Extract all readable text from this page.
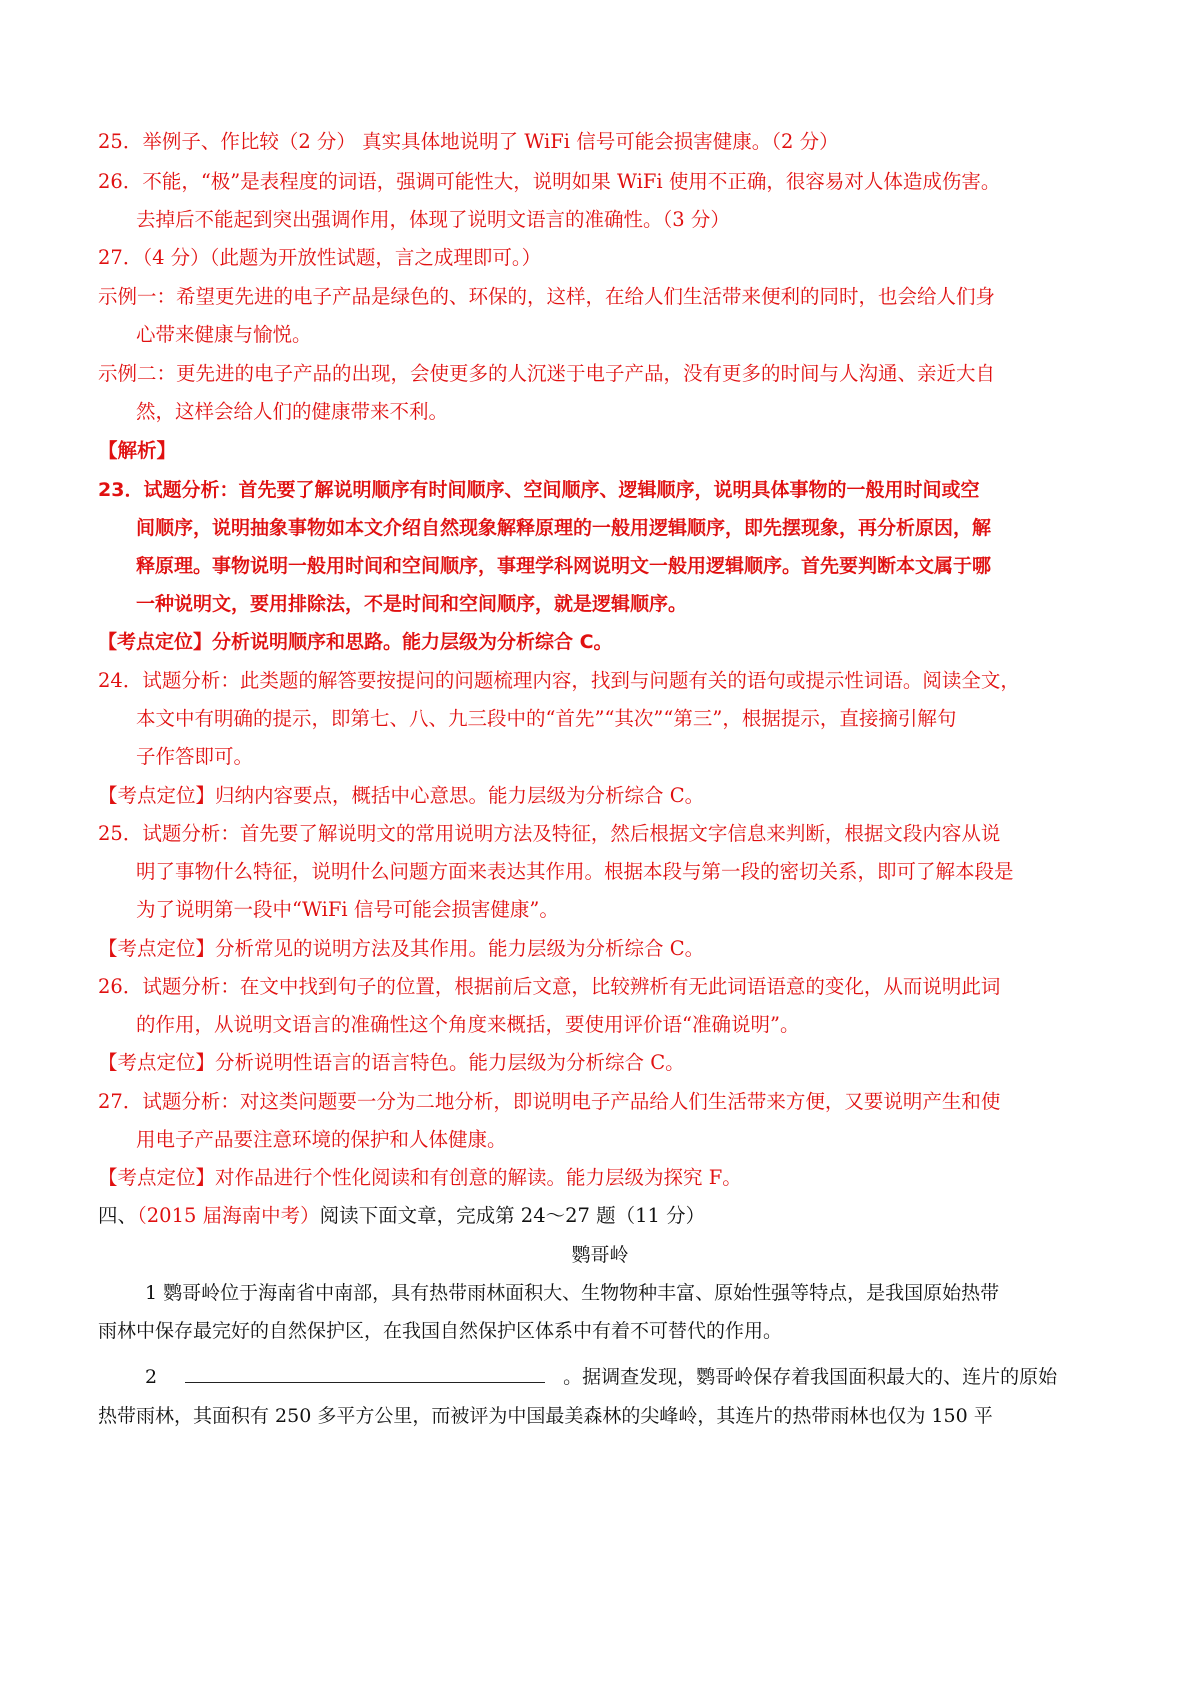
25．举例子、作比较（2 分） 真实具体地说明了 WiFi 信号可能会损害健康。（2 分）
26．不能，“极”是表程度的词语，强调可能性大，说明如果 WiFi 使用不正确，很容易对人体造成伤害。
去掉后不能起到突出强调作用，体现了说明文语言的准确性。（3 分）
27．（4 分）（此题为开放性试题，言之成理即可。）
示例一：希望更先进的电子产品是绿色的、环保的，这样，在给人们生活带来便利的同时，也会给人们身
心带来健康与愉悦。
示例二：更先进的电子产品的出现，会使更多的人沉迷于电子产品，没有更多的时间与人沟通、亲近大自
然，这样会给人们的健康带来不利。
【解析】
23．试题分析：首先要了解说明顺序有时间顺序、空间顺序、逻辑顺序，说明具体事物的一般用时间或空
间顺序，说明抽象事物如本文介绍自然现象解释原理的一般用逻辑顺序，即先摆现象，再分析原因，解
释原理。事物说明一般用时间和空间顺序，事理学科网说明文一般用逻辑顺序。首先要判断本文属于哪
一种说明文，要用排除法，不是时间和空间顺序，就是逻辑顺序。
【考点定位】分析说明顺序和思路。能力层级为分析综合 C。
24．试题分析：此类题的解答要按提问的问题梳理内容，找到与问题有关的语句或提示性词语。阅读全文，
本文中有明确的提示，即第七、八、九三段中的“首先”“其次”“第三”，根据提示，直接摘引解句
子作答即可。
【考点定位】归纳内容要点，概括中心意思。能力层级为分析综合 C。
25．试题分析：首先要了解说明文的常用说明方法及特征，然后根据文字信息来判断，根据文段内容从说
明了事物什么特征，说明什么问题方面来表达其作用。根据本段与第一段的密切关系，即可了解本段是
为了说明第一段中“WiFi 信号可能会损害健康”。
【考点定位】分析常见的说明方法及其作用。能力层级为分析综合 C。
26．试题分析：在文中找到句子的位置，根据前后文意，比较辨析有无此词语语意的变化，从而说明此词
的作用，从说明文语言的准确性这个角度来概括，要使用评价语“准确说明”。
【考点定位】分析说明性语言的语言特色。能力层级为分析综合 C。
27．试题分析：对这类问题要一分为二地分析，即说明电子产品给人们生活带来方便，又要说明产生和使
用电子产品要注意环境的保护和人体健康。
【考点定位】对作品进行个性化阅读和有创意的解读。能力层级为探究 F。
四、（2015 届海南中考）阅读下面文章，完成第 24～27 题（11 分）
鹦哥岭
1 鹦哥岭位于海南省中南部，具有热带雨林面积大、生物物种丰富、原始性强等特点，是我国原始热带
雨林中保存最完好的自然保护区，在我国自然保护区体系中有着不可替代的作用。
2	。据调查发现，鹦哥岭保存着我国面积最大的、连片的原始
热带雨林，其面积有 250 多平方公里，而被评为中国最美森林的尖峰岭，其连片的热带雨林也仅为 150 平
